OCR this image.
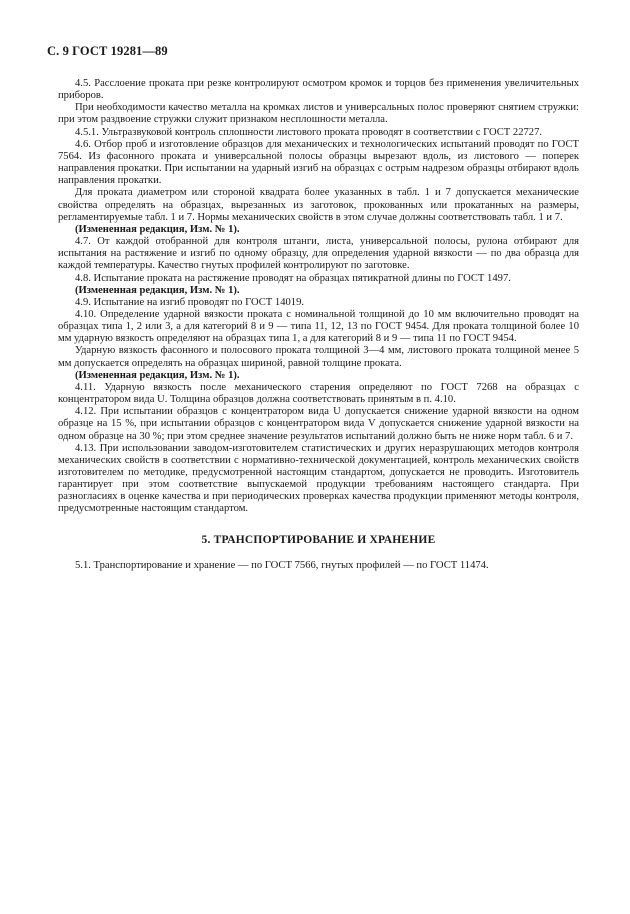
С. 9 ГОСТ 19281—89

4.5. Расслоение проката при резке контролируют осмотром кромок и торцов без применения увеличительных приборов.

При необходимости качество металла на кромках листов и универсальных полос проверяют снятием стружки: при этом раздвоение стружки служит признаком несплошности металла.

4.5.1. Ультразвуковой контроль сплошности листового проката проводят в соответствии с ГОСТ 22727.

4.6. Отбор проб и изготовление образцов для механических и технологических испытаний проводят по ГОСТ 7564. Из фасонного проката и универсальной полосы образцы вырезают вдоль, из листового — поперек направления прокатки. При испытании на ударный изгиб на образцах с острым надрезом образцы отбирают вдоль направления прокатки.

Для проката диаметром или стороной квадрата более указанных в табл. 1 и 7 допускается механические свойства определять на образцах, вырезанных из заготовок, прокованных или прокатанных на размеры, регламентируемые табл. 1 и 7. Нормы механических свойств в этом случае должны соответствовать табл. 1 и 7.

(Измененная редакция, Изм. № 1).

4.7. От каждой отобранной для контроля штанги, листа, универсальной полосы, рулона отбирают для испытания на растяжение и изгиб по одному образцу, для определения ударной вязкости — по два образца для каждой температуры. Качество гнутых профилей контролируют по заготовке.

4.8. Испытание проката на растяжение проводят на образцах пятикратной длины по ГОСТ 1497.

(Измененная редакция, Изм. № 1).

4.9. Испытание на изгиб проводят по ГОСТ 14019.

4.10. Определение ударной вязкости проката с номинальной толщиной до 10 мм включительно проводят на образцах типа 1, 2 или 3, а для категорий 8 и 9 — типа 11, 12, 13 по ГОСТ 9454. Для проката толщиной более 10 мм ударную вязкость определяют на образцах типа 1, а для категорий 8 и 9 — типа 11 по ГОСТ 9454.

Ударную вязкость фасонного и полосового проката толщиной 3—4 мм, листового проката толщиной менее 5 мм допускается определять на образцах шириной, равной толщине проката.

(Измененная редакция, Изм. № 1).

4.11. Ударную вязкость после механического старения определяют по ГОСТ 7268 на образцах с концентратором вида U. Толщина образцов должна соответствовать принятым в п. 4.10.

4.12. При испытании образцов с концентратором вида U допускается снижение ударной вязкости на одном образце на 15 %, при испытании образцов с концентратором вида V допускается снижение ударной вязкости на одном образце на 30 %; при этом среднее значение результатов испытаний должно быть не ниже норм табл. 6 и 7.

4.13. При использовании заводом-изготовителем статистических и других неразрушающих методов контроля механических свойств в соответствии с нормативно-технической документацией, контроль механических свойств изготовителем по методике, предусмотренной настоящим стандартом, допускается не проводить. Изготовитель гарантирует при этом соответствие выпускаемой продукции требованиям настоящего стандарта. При разногласиях в оценке качества и при периодических проверках качества продукции применяют методы контроля, предусмотренные настоящим стандартом.

5. ТРАНСПОРТИРОВАНИЕ И ХРАНЕНИЕ

5.1. Транспортирование и хранение — по ГОСТ 7566, гнутых профилей — по ГОСТ 11474.
